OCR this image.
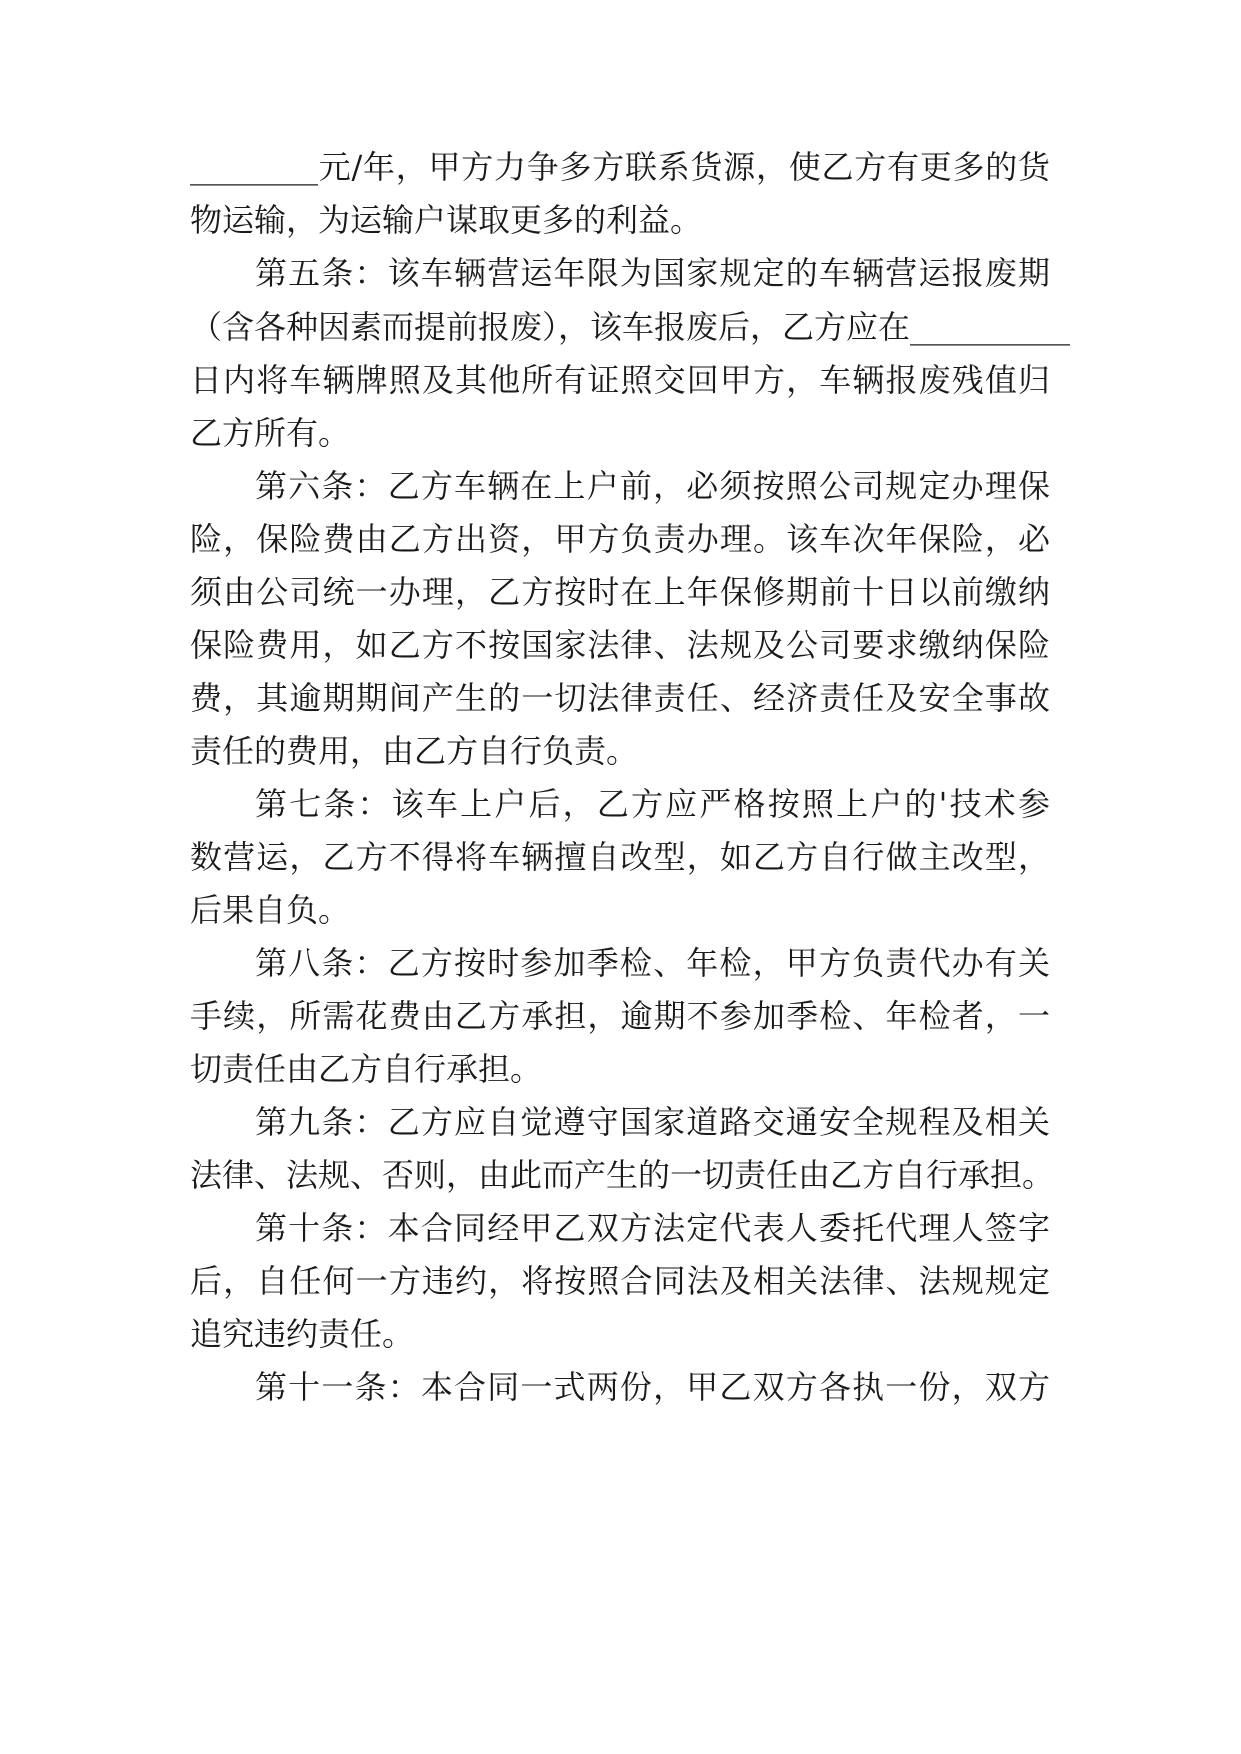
________元/年，甲方力争多方联系货源，使乙方有更多的货
物运输，为运输户谋取更多的利益。
第五条：该车辆营运年限为国家规定的车辆营运报废期
（含各种因素而提前报废），该车报废后，乙方应在__________
日内将车辆牌照及其他所有证照交回甲方，车辆报废残值归
乙方所有。
第六条：乙方车辆在上户前，必须按照公司规定办理保
险，保险费由乙方出资，甲方负责办理。该车次年保险，必
须由公司统一办理，乙方按时在上年保修期前十日以前缴纳
保险费用，如乙方不按国家法律、法规及公司要求缴纳保险
费，其逾期期间产生的一切法律责任、经济责任及安全事故
责任的费用，由乙方自行负责。
第七条：该车上户后，乙方应严格按照上户的'技术参
数营运，乙方不得将车辆擅自改型，如乙方自行做主改型，
后果自负。
第八条：乙方按时参加季检、年检，甲方负责代办有关
手续，所需花费由乙方承担，逾期不参加季检、年检者，一
切责任由乙方自行承担。
第九条：乙方应自觉遵守国家道路交通安全规程及相关
法律、法规、否则，由此而产生的一切责任由乙方自行承担。
第十条：本合同经甲乙双方法定代表人委托代理人签字
后，自任何一方违约，将按照合同法及相关法律、法规规定
追究违约责任。
第十一条：本合同一式两份，甲乙双方各执一份，双方
